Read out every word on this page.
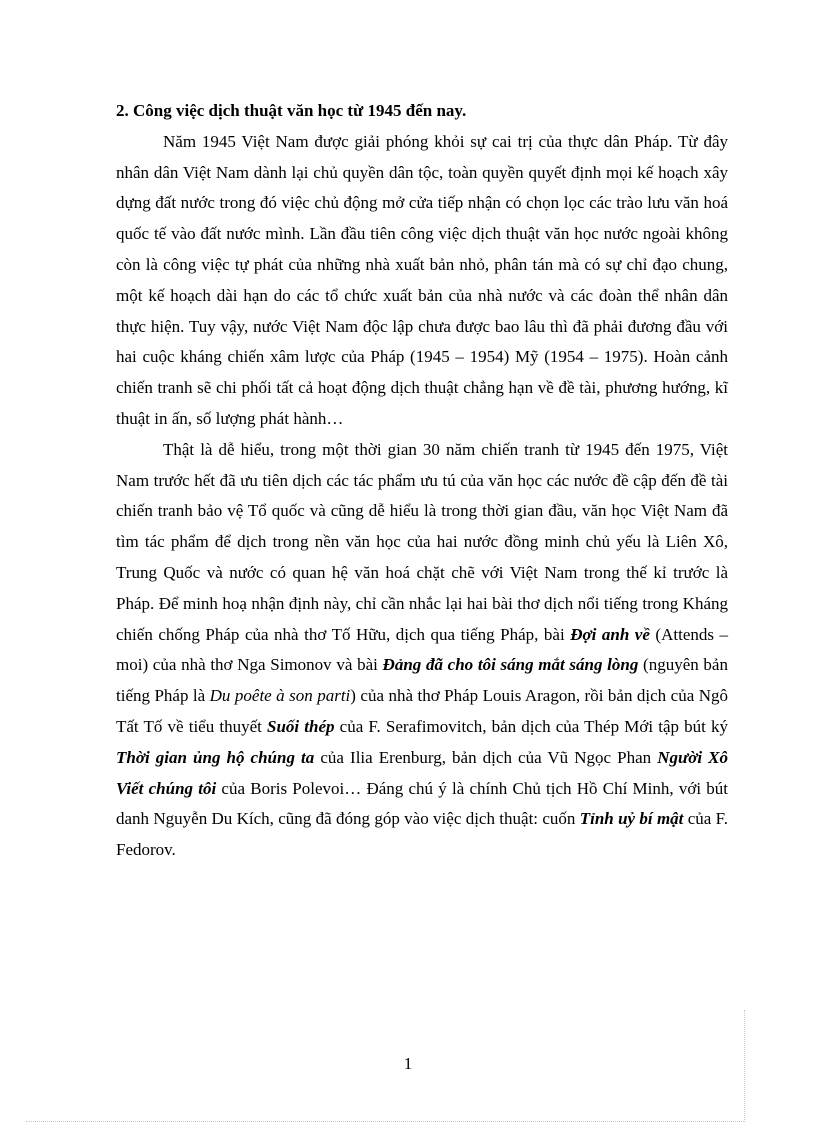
2. Công việc dịch thuật văn học từ 1945 đến nay.

Năm 1945 Việt Nam được giải phóng khỏi sự cai trị của thực dân Pháp. Từ đây nhân dân Việt Nam dành lại chủ quyền dân tộc, toàn quyền quyết định mọi kế hoạch xây dựng đất nước trong đó việc chủ động mở cửa tiếp nhận có chọn lọc các trào lưu văn hoá quốc tế vào đất nước mình. Lần đầu tiên công việc dịch thuật văn học nước ngoài không còn là công việc tự phát của những nhà xuất bản nhỏ, phân tán mà có sự chỉ đạo chung, một kế hoạch dài hạn do các tổ chức xuất bản của nhà nước và các đoàn thể nhân dân thực hiện. Tuy vậy, nước Việt Nam độc lập chưa được bao lâu thì đã phải đương đầu với hai cuộc kháng chiến xâm lược của Pháp (1945 – 1954) Mỹ (1954 – 1975). Hoàn cảnh chiến tranh sẽ chi phối tất cả hoạt động dịch thuật chẳng hạn về đề tài, phương hướng, kĩ thuật in ấn, số lượng phát hành…

Thật là dễ hiểu, trong một thời gian 30 năm chiến tranh từ 1945 đến 1975, Việt Nam trước hết đã ưu tiên dịch các tác phẩm ưu tú của văn học các nước đề cập đến đề tài chiến tranh bảo vệ Tổ quốc và cũng dễ hiểu là trong thời gian đầu, văn học Việt Nam đã tìm tác phẩm để dịch trong nền văn học của hai nước đồng minh chủ yếu là Liên Xô, Trung Quốc và nước có quan hệ văn hoá chặt chẽ với Việt Nam trong thế kỉ trước là Pháp. Để minh hoạ nhận định này, chỉ cần nhắc lại hai bài thơ dịch nổi tiếng trong Kháng chiến chống Pháp của nhà thơ Tố Hữu, dịch qua tiếng Pháp, bài Đợi anh về (Attends – moi) của nhà thơ Nga Simonov và bài Đảng đã cho tôi sáng mắt sáng lòng (nguyên bản tiếng Pháp là Du poête à son parti) của nhà thơ Pháp Louis Aragon, rồi bản dịch của Ngô Tất Tố về tiểu thuyết Suối thép của F. Serafimovitch, bản dịch của Thép Mới tập bút ký Thời gian ủng hộ chúng ta của Ilia Erenburg, bản dịch của Vũ Ngọc Phan Người Xô Viết chúng tôi của Boris Polevoi… Đáng chú ý là chính Chủ tịch Hồ Chí Minh, với bút danh Nguyễn Du Kích, cũng đã đóng góp vào việc dịch thuật: cuốn Tỉnh uỷ bí mật của F. Fedorov.

1
